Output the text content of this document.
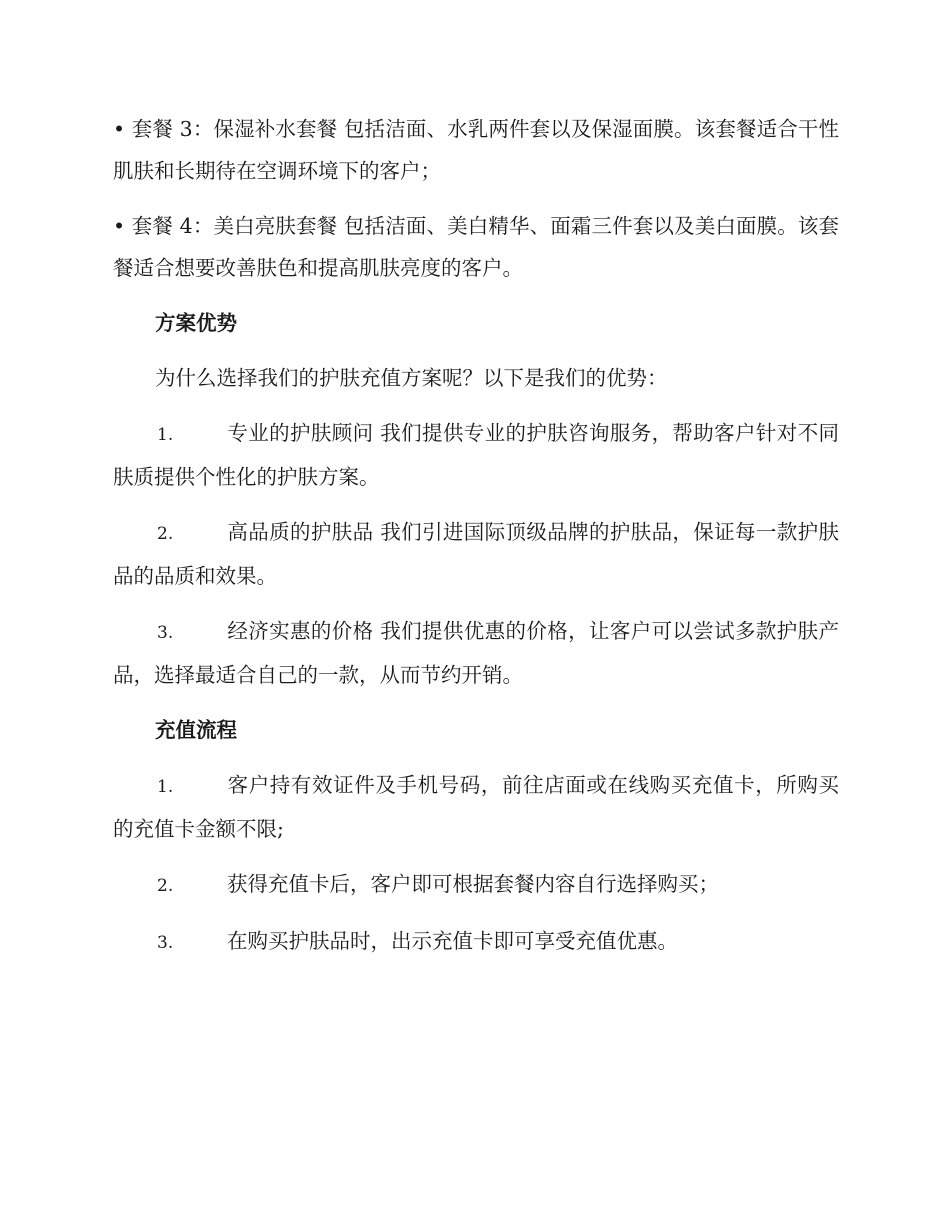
• 套餐 3：保湿补水套餐 包括洁面、水乳两件套以及保湿面膜。该套餐适合干性肌肤和长期待在空调环境下的客户；

• 套餐 4：美白亮肤套餐 包括洁面、美白精华、面霜三件套以及美白面膜。该套餐适合想要改善肤色和提高肌肤亮度的客户。

方案优势

为什么选择我们的护肤充值方案呢？以下是我们的优势：

1.	专业的护肤顾问 我们提供专业的护肤咨询服务，帮助客户针对不同肤质提供个性化的护肤方案。

2.	高品质的护肤品 我们引进国际顶级品牌的护肤品，保证每一款护肤品的品质和效果。

3.	经济实惠的价格 我们提供优惠的价格，让客户可以尝试多款护肤产品，选择最适合自己的一款，从而节约开销。

充值流程

1.	客户持有效证件及手机号码，前往店面或在线购买充值卡，所购买的充值卡金额不限;

2.	获得充值卡后，客户即可根据套餐内容自行选择购买；

3.	在购买护肤品时，出示充值卡即可享受充值优惠。
